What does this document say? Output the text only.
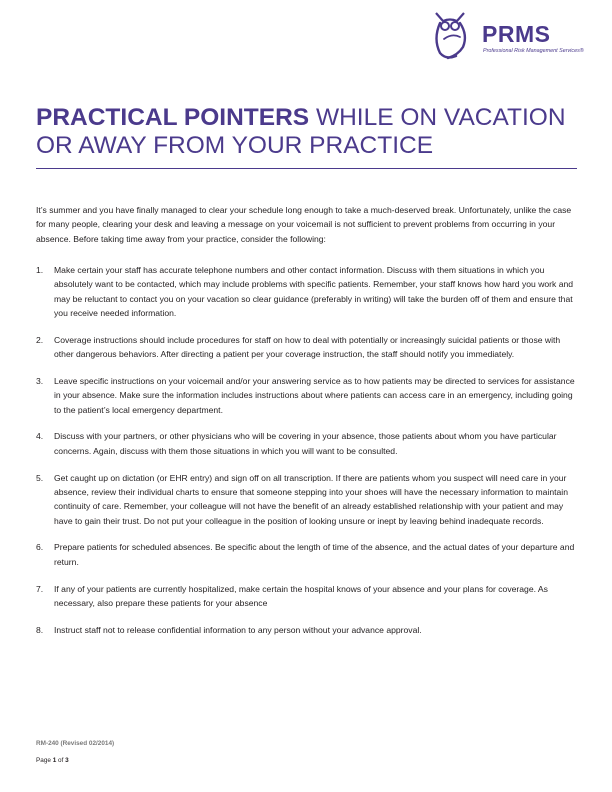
PRMS
Professional Risk Management Services®
PRACTICAL POINTERS WHILE ON VACATION OR AWAY FROM YOUR PRACTICE

It’s summer and you have finally managed to clear your schedule long enough to take a much-deserved break. Unfortunately, unlike the case for many people, clearing your desk and leaving a message on your voicemail is not sufficient to prevent problems from occurring in your absence. Before taking time away from your practice, consider the following:

1. Make certain your staff has accurate telephone numbers and other contact information. Discuss with them situations in which you absolutely want to be contacted, which may include problems with specific patients. Remember, your staff knows how hard you work and may be reluctant to contact you on your vacation so clear guidance (preferably in writing) will take the burden off of them and ensure that you receive needed information.
2. Coverage instructions should include procedures for staff on how to deal with potentially or increasingly suicidal patients or those with other dangerous behaviors. After directing a patient per your coverage instruction, the staff should notify you immediately.
3. Leave specific instructions on your voicemail and/or your answering service as to how patients may be directed to services for assistance in your absence. Make sure the information includes instructions about where patients can access care in an emergency, including going to the patient’s local emergency department.
4. Discuss with your partners, or other physicians who will be covering in your absence, those patients about whom you have particular concerns. Again, discuss with them those situations in which you will want to be consulted.
5. Get caught up on dictation (or EHR entry) and sign off on all transcription. If there are patients whom you suspect will need care in your absence, review their individual charts to ensure that someone stepping into your shoes will have the necessary information to maintain continuity of care. Remember, your colleague will not have the benefit of an already established relationship with your patient and may have to gain their trust. Do not put your colleague in the position of looking unsure or inept by leaving behind inadequate records.
6. Prepare patients for scheduled absences. Be specific about the length of time of the absence, and the actual dates of your departure and return.
7. If any of your patients are currently hospitalized, make certain the hospital knows of your absence and your plans for coverage. As necessary, also prepare these patients for your absence
8. Instruct staff not to release confidential information to any person without your advance approval.
RM-240 (Revised 02/2014)
Page 1 of 3
